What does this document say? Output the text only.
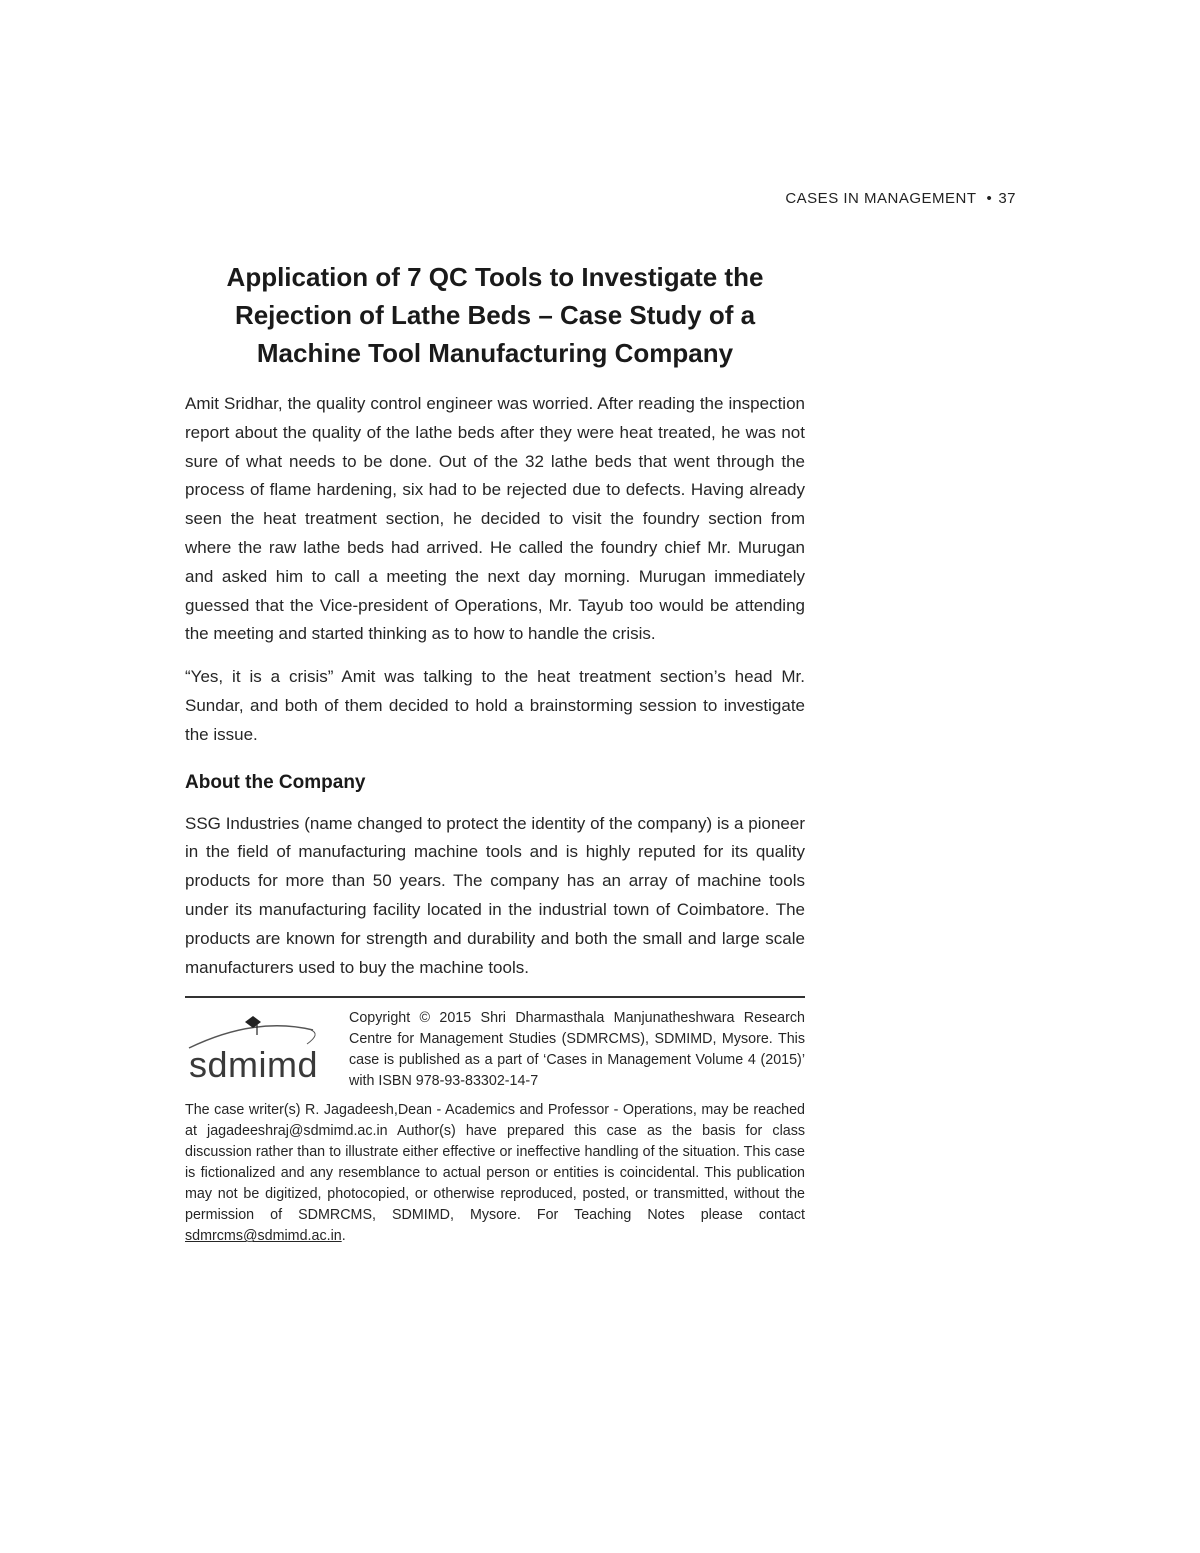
CASES IN MANAGEMENT • 37
Application of 7 QC Tools to Investigate the
Rejection of Lathe Beds – Case Study of a
Machine Tool Manufacturing Company

Amit Sridhar, the quality control engineer was worried. After reading the inspection report about the quality of the lathe beds after they were heat treated, he was not sure of what needs to be done. Out of the 32 lathe beds that went through the process of flame hardening, six had to be rejected due to defects. Having already seen the heat treatment section, he decided to visit the foundry section from where the raw lathe beds had arrived. He called the foundry chief Mr. Murugan and asked him to call a meeting the next day morning. Murugan immediately guessed that the Vice-president of Operations, Mr. Tayub too would be attending the meeting and started thinking as to how to handle the crisis.

“Yes, it is a crisis” Amit was talking to the heat treatment section’s head Mr. Sundar, and both of them decided to hold a brainstorming session to investigate the issue.

About the Company

SSG Industries (name changed to protect the identity of the company) is a pioneer in the field of manufacturing machine tools and is highly reputed for its quality products for more than 50 years. The company has an array of machine tools under its manufacturing facility located in the industrial town of Coimbatore. The products are known for strength and durability and both the small and large scale manufacturers used to buy the machine tools.

sdmimd
Copyright © 2015 Shri Dharmasthala Manjunatheshwara Research Centre for Management Studies (SDMRCMS), SDMIMD, Mysore. This case is published as a part of ‘Cases in Management Volume 4 (2015)’ with ISBN 978-93-83302-14-7
The case writer(s) R. Jagadeesh,Dean - Academics and Professor - Operations, may be reached at jagadeeshraj@sdmimd.ac.in Author(s) have prepared this case as the basis for class discussion rather than to illustrate either effective or ineffective handling of the situation. This case is fictionalized and any resemblance to actual person or entities is coincidental. This publication may not be digitized, photocopied, or otherwise reproduced, posted, or transmitted, without the permission of SDMRCMS, SDMIMD, Mysore. For Teaching Notes please contact sdmrcms@sdmimd.ac.in.
